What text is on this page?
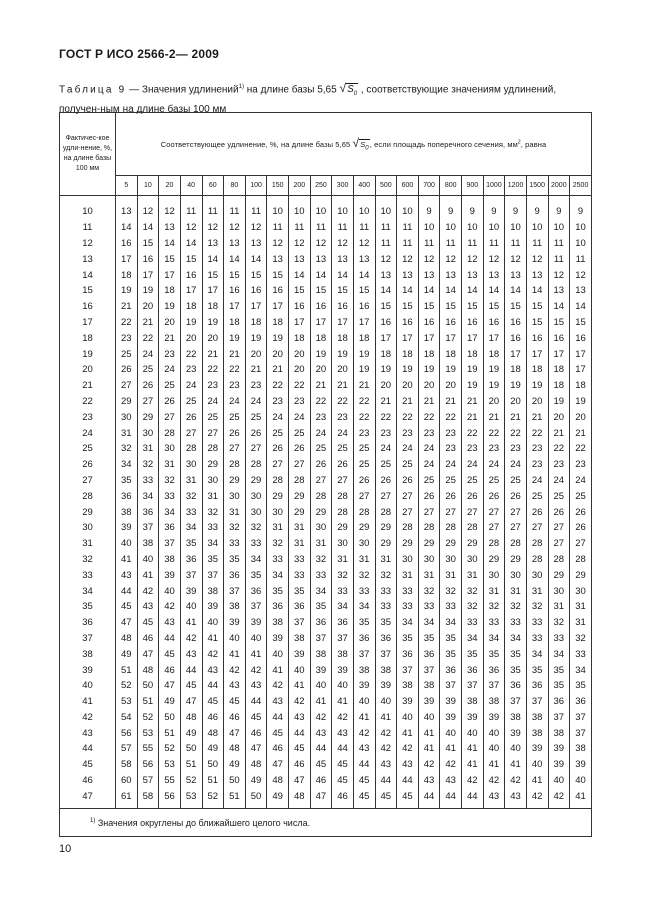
ГОСТ Р ИСО 2566-2— 2009
Таблица 9 — Значения удлинений$^{1)}$ на длине базы 5,65 $√S_0$ , соответствующие значениям удлинений, получен-ным на длине базы 100 мм
Фактичес-кое удли-нение, %, на длине базы 100 мм	Соответствующее удлинение, %, на длине базы 5,65 $√S_0$, если площадь поперечного сечения, $мм^2$, равна																					
	5	10	20	40	60	80	100	150	200	250	300	400	500	600	700	800	900	1000	1200	1500	2000	2500
10	13	12	12	11	11	11	11	10	10	10	10	10	10	10	9	9	9	9	9	9	9	9
11	14	14	13	12	12	12	12	11	11	11	11	11	11	11	10	10	10	10	10	10	10	10
12	16	15	14	14	13	13	13	12	12	12	12	12	11	11	11	11	11	11	11	11	11	10
13	17	16	15	15	14	14	14	13	13	13	13	13	12	12	12	12	12	12	12	12	11	11
14	18	17	17	16	15	15	15	15	14	14	14	14	13	13	13	13	13	13	13	13	12	12
15	19	19	18	17	17	16	16	16	15	15	15	15	14	14	14	14	14	14	14	14	13	13
16	21	20	19	18	18	17	17	17	16	16	16	16	15	15	15	15	15	15	15	15	14	14
17	22	21	20	19	19	18	18	18	17	17	17	17	16	16	16	16	16	16	16	15	15	15
18	23	22	21	20	20	19	19	19	18	18	18	18	17	17	17	17	17	17	16	16	16	16
19	25	24	23	22	21	21	20	20	20	19	19	19	18	18	18	18	18	18	17	17	17	17
20	26	25	24	23	22	22	21	21	20	20	20	19	19	19	19	19	19	19	18	18	18	17
21	27	26	25	24	23	23	23	22	22	21	21	21	20	20	20	20	19	19	19	19	18	18
22	29	27	26	25	24	24	24	23	23	22	22	22	21	21	21	21	21	20	20	20	19	19
23	30	29	27	26	25	25	25	24	24	23	23	22	22	22	22	22	21	21	21	21	20	20
24	31	30	28	27	27	26	26	25	25	24	24	23	23	23	23	23	22	22	22	22	21	21
25	32	31	30	28	28	27	27	26	26	25	25	25	24	24	24	23	23	23	23	23	22	22
26	34	32	31	30	29	28	28	27	27	26	26	25	25	25	24	24	24	24	24	23	23	23
27	35	33	32	31	30	29	29	28	28	27	27	26	26	26	25	25	25	25	25	24	24	24
28	36	34	33	32	31	30	30	29	29	28	28	27	27	27	26	26	26	26	26	25	25	25
29	38	36	34	33	32	31	30	30	29	29	28	28	28	27	27	27	27	27	27	26	26	26
30	39	37	36	34	33	32	32	31	31	30	29	29	29	28	28	28	28	27	27	27	27	26
31	40	38	37	35	34	33	33	32	31	31	30	30	29	29	29	29	29	28	28	28	27	27
32	41	40	38	36	35	35	34	33	33	32	31	31	31	30	30	30	30	29	29	28	28	28
33	43	41	39	37	37	36	35	34	33	33	32	32	32	31	31	31	31	30	30	30	29	29
34	44	42	40	39	38	37	36	35	35	34	33	33	33	33	32	32	32	31	31	31	30	30
35	45	43	42	40	39	38	37	36	36	35	34	34	33	33	33	33	32	32	32	32	31	31
36	47	45	43	41	40	39	39	38	37	36	36	35	35	34	34	34	33	33	33	33	32	31
37	48	46	44	42	41	40	40	39	38	37	37	36	36	35	35	35	34	34	34	33	33	32
38	49	47	45	43	42	41	41	40	39	38	38	37	37	36	36	35	35	35	35	34	34	33
39	51	48	46	44	43	42	42	41	40	39	39	38	38	37	37	36	36	36	35	35	35	34
40	52	50	47	45	44	43	43	42	41	40	40	39	39	38	38	37	37	37	36	36	35	35
41	53	51	49	47	45	45	44	43	42	41	41	40	40	39	39	39	38	38	37	37	36	36
42	54	52	50	48	46	46	45	44	43	42	42	41	41	40	40	39	39	39	38	38	37	37
43	56	53	51	49	48	47	46	45	44	43	43	42	42	41	41	40	40	40	39	38	38	37
44	57	55	52	50	49	48	47	46	45	44	44	43	42	42	41	41	41	40	40	39	39	38
45	58	56	53	51	50	49	48	47	46	45	45	44	43	43	42	42	41	41	41	40	39	39
46	60	57	55	52	51	50	49	48	47	46	45	45	44	44	43	43	42	42	42	41	40	40
47	61	58	56	53	52	51	50	49	48	47	46	45	45	45	44	44	44	43	43	42	42	41
$^{1)}$ Значения округлены до ближайшего целого числа.																						
10
